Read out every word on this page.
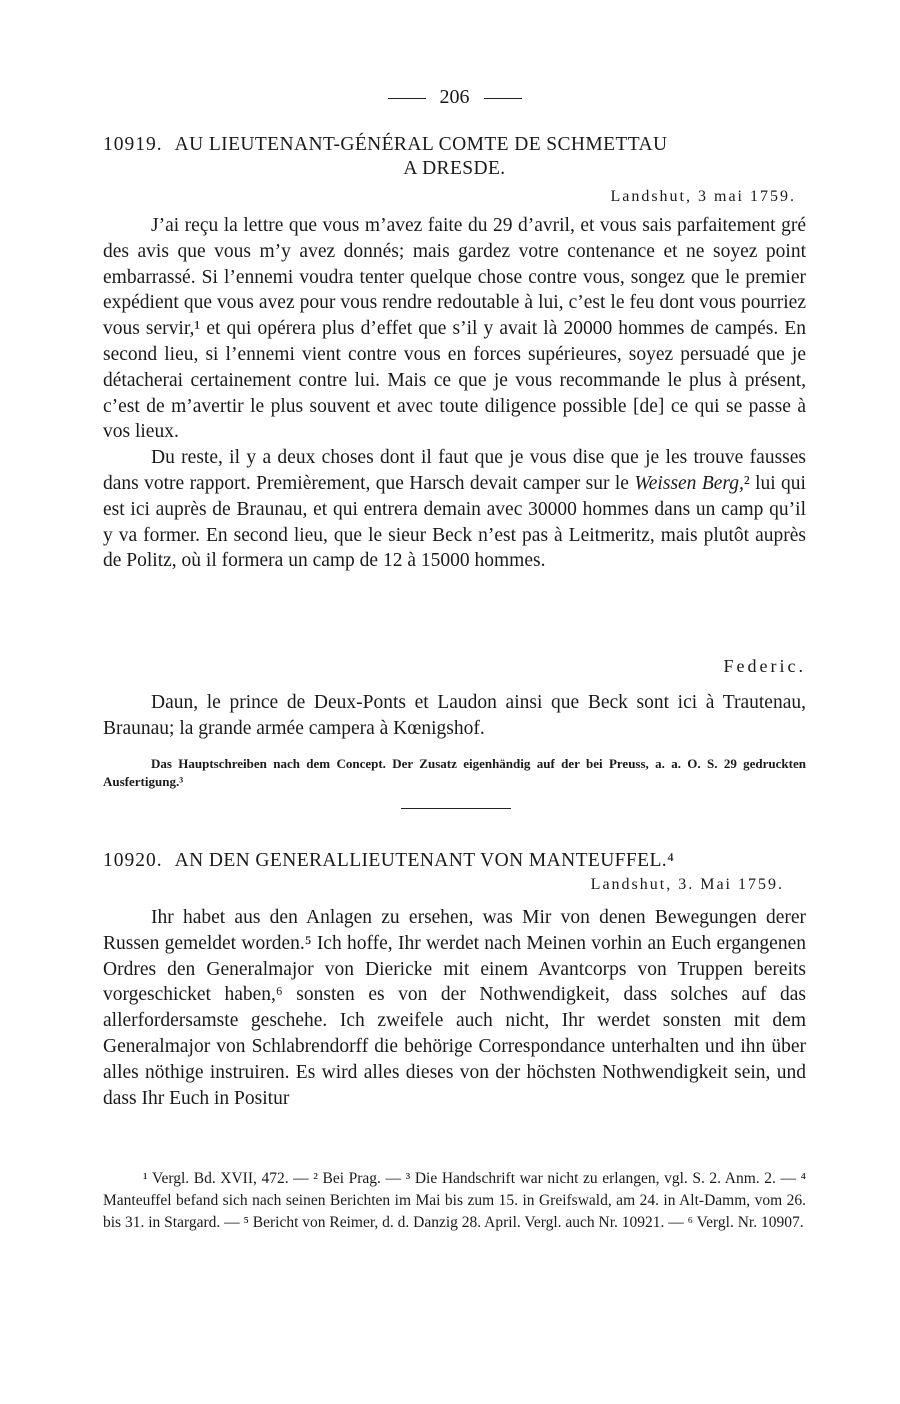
206
10919. AU LIEUTENANT-GÉNÉRAL COMTE DE SCHMETTAU
A DRESDE.
Landshut, 3 mai 1759.

J’ai reçu la lettre que vous m’avez faite du 29 d’avril, et vous sais parfaitement gré des avis que vous m’y avez donnés; mais gardez votre contenance et ne soyez point embarrassé. Si l’ennemi voudra tenter quelque chose contre vous, songez que le premier expédient que vous avez pour vous rendre redoutable à lui, c’est le feu dont vous pourriez vous servir,¹ et qui opérera plus d’effet que s’il y avait là 20000 hommes de campés. En second lieu, si l’ennemi vient contre vous en forces supérieures, soyez persuadé que je détacherai certainement contre lui. Mais ce que je vous recommande le plus à présent, c’est de m’avertir le plus souvent et avec toute diligence possible [de] ce qui se passe à vos lieux.

Du reste, il y a deux choses dont il faut que je vous dise que je les trouve fausses dans votre rapport. Premièrement, que Harsch devait camper sur le Weissen Berg,² lui qui est ici auprès de Braunau, et qui entrera demain avec 30000 hommes dans un camp qu’il y va former. En second lieu, que le sieur Beck n’est pas à Leitmeritz, mais plutôt auprès de Politz, où il formera un camp de 12 à 15000 hommes.

Federic.

Daun, le prince de Deux-Ponts et Laudon ainsi que Beck sont ici à Trautenau, Braunau; la grande armée campera à Kœnigshof.

Das Hauptschreiben nach dem Concept. Der Zusatz eigenhändig auf der bei Preuss, a. a. O. S. 29 gedruckten Ausfertigung.³

10920. AN DEN GENERALLIEUTENANT VON MANTEUFFEL.⁴
Landshut, 3. Mai 1759.

Ihr habet aus den Anlagen zu ersehen, was Mir von denen Bewegungen derer Russen gemeldet worden.⁵ Ich hoffe, Ihr werdet nach Meinen vorhin an Euch ergangenen Ordres den Generalmajor von Diericke mit einem Avantcorps von Truppen bereits vorgeschicket haben,⁶ sonsten es von der Nothwendigkeit, dass solches auf das allerfordersamste geschehe. Ich zweifele auch nicht, Ihr werdet sonsten mit dem Generalmajor von Schlabrendorff die behörige Correspondance unterhalten und ihn über alles nöthige instruiren. Es wird alles dieses von der höchsten Nothwendigkeit sein, und dass Ihr Euch in Positur

¹ Vergl. Bd. XVII, 472. — ² Bei Prag. — ³ Die Handschrift war nicht zu erlangen, vgl. S. 2. Anm. 2. — ⁴ Manteuffel befand sich nach seinen Berichten im Mai bis zum 15. in Greifswald, am 24. in Alt-Damm, vom 26. bis 31. in Stargard. — ⁵ Bericht von Reimer, d. d. Danzig 28. April. Vergl. auch Nr. 10921. — ⁶ Vergl. Nr. 10907.
